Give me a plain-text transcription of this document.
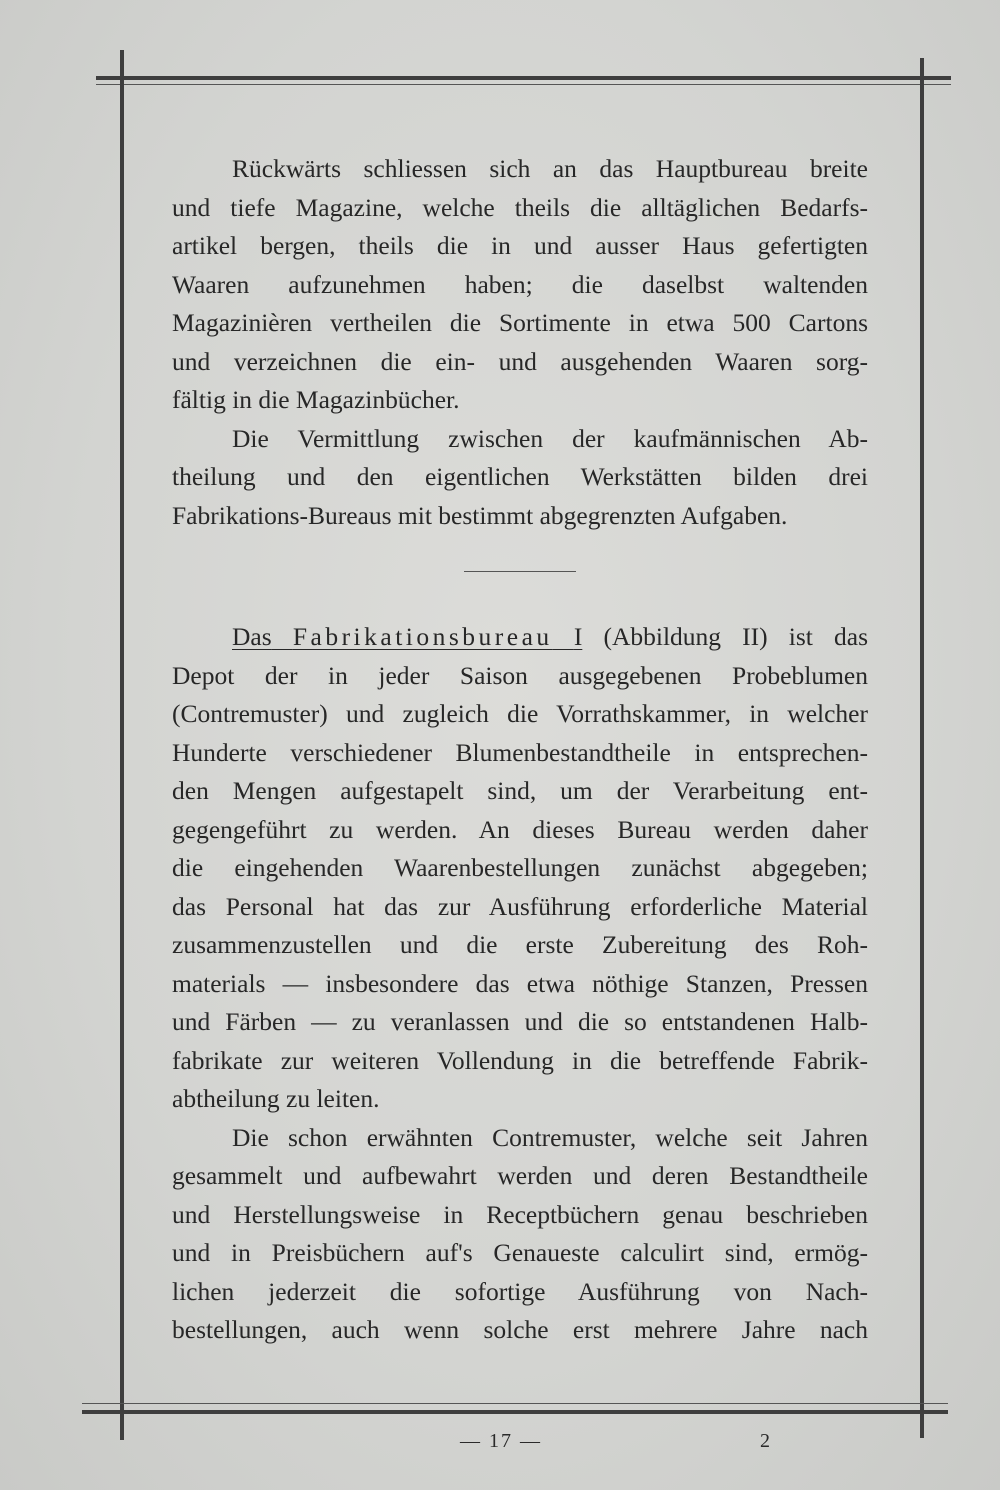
Rückwärts schliessen sich an das Hauptbureau breite
und tiefe Magazine, welche theils die alltäglichen Bedarfs-
artikel bergen, theils die in und ausser Haus gefertigten
Waaren aufzunehmen haben; die daselbst waltenden
Magazinièren vertheilen die Sortimente in etwa 500 Cartons
und verzeichnen die ein- und ausgehenden Waaren sorg-
fältig in die Magazinbücher.
Die Vermittlung zwischen der kaufmännischen Ab-
theilung und den eigentlichen Werkstätten bilden drei
Fabrikations-Bureaus mit bestimmt abgegrenzten Aufgaben.
Das Fabrikationsbureau I (Abbildung II) ist das
Depot der in jeder Saison ausgegebenen Probeblumen
(Contremuster) und zugleich die Vorrathskammer, in welcher
Hunderte verschiedener Blumenbestandtheile in entsprechen-
den Mengen aufgestapelt sind, um der Verarbeitung ent-
gegengeführt zu werden. An dieses Bureau werden daher
die eingehenden Waarenbestellungen zunächst abgegeben;
das Personal hat das zur Ausführung erforderliche Material
zusammenzustellen und die erste Zubereitung des Roh-
materials — insbesondere das etwa nöthige Stanzen, Pressen
und Färben — zu veranlassen und die so entstandenen Halb-
fabrikate zur weiteren Vollendung in die betreffende Fabrik-
abtheilung zu leiten.
Die schon erwähnten Contremuster, welche seit Jahren
gesammelt und aufbewahrt werden und deren Bestandtheile
und Herstellungsweise in Receptbüchern genau beschrieben
und in Preisbüchern auf's Genaueste calculirt sind, ermög-
lichen jederzeit die sofortige Ausführung von Nach-
bestellungen, auch wenn solche erst mehrere Jahre nach
— 17 —	2
